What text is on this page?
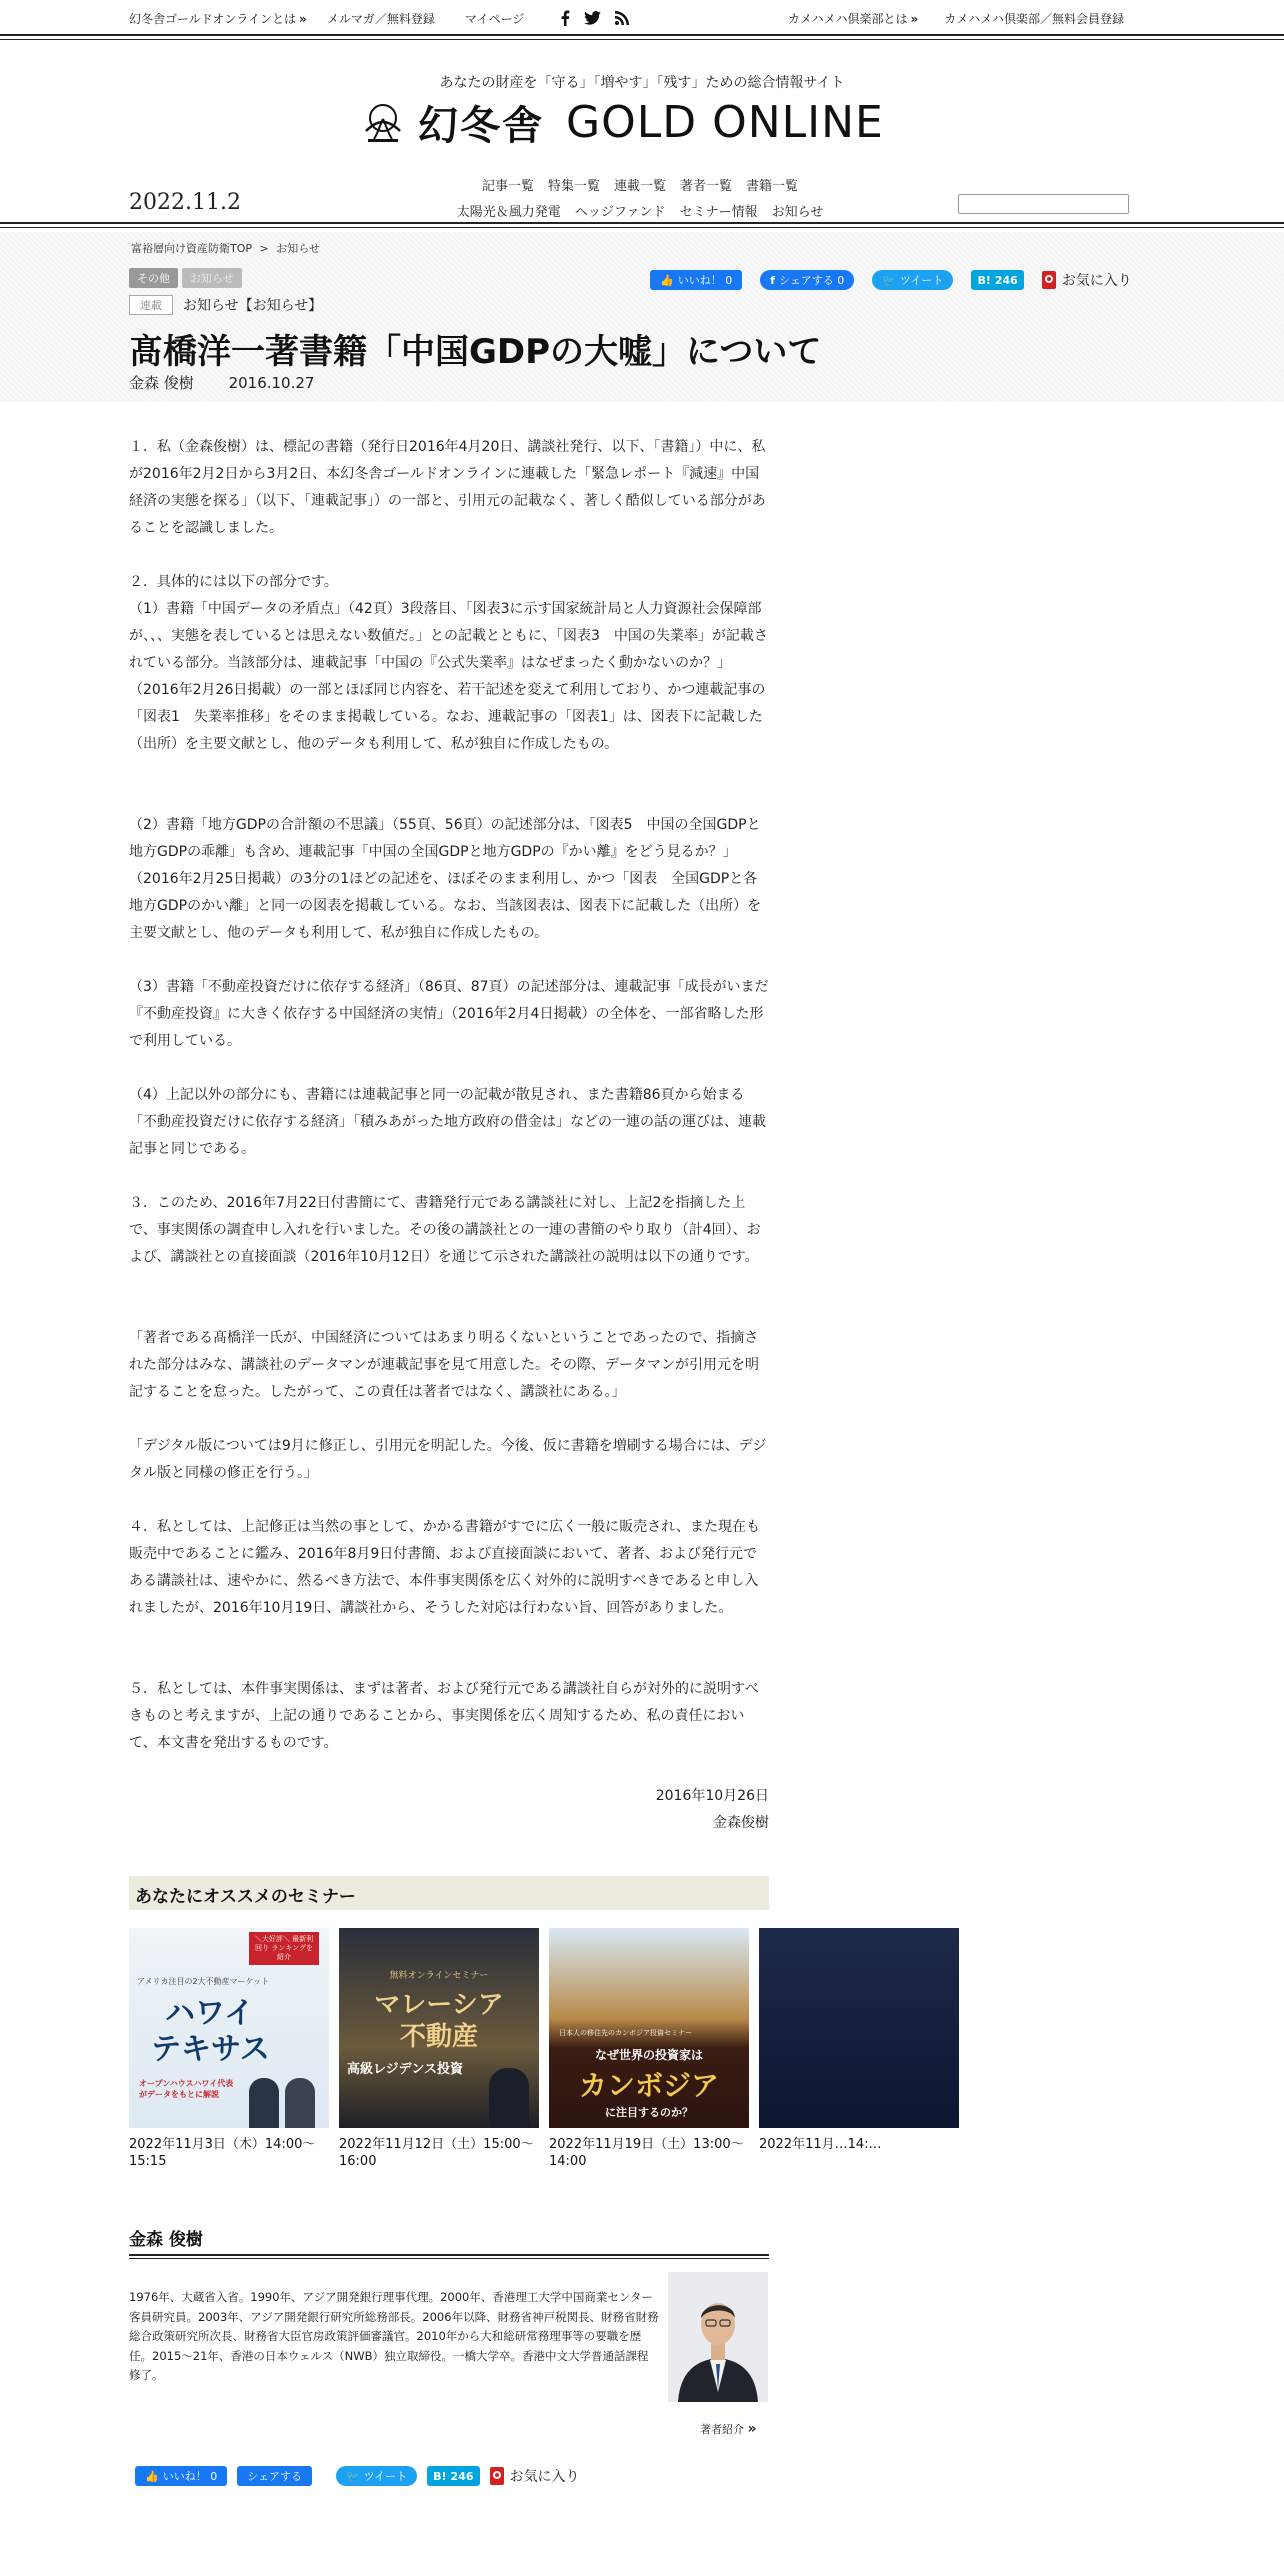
幻冬舎ゴールドオンラインとは » メルマガ／無料登録	マイページ	カメハメハ倶楽部とは » カメハメハ倶楽部／無料会員登録
あなたの財産を「守る」「増やす」「残す」ための総合情報サイト
幻冬舎 GOLD ONLINE
2022.11.2
記事一覧 特集一覧 連載一覧 著者一覧 書籍一覧
太陽光＆風力発電 ヘッジファンド セミナー情報 お知らせ
富裕層向け資産防衛TOP > お知らせ
その他	お知らせ
連載	お知らせ【お知らせ】
👍 いいね！ 0	f シェアする 0	🐦 ツイート	B! 246	お気に入り
髙橋洋一著書籍「中国GDPの大嘘」について
金森 俊樹 2016.10.27

１．私（金森俊樹）は、標記の書籍（発行日2016年4月20日、講談社発行、以下、「書籍」）中に、私が2016年2月2日から3月2日、本幻冬舎ゴールドオンラインに連載した「緊急レポート『減速』中国経済の実態を探る」（以下、「連載記事」）の一部と、引用元の記載なく、著しく酷似している部分があることを認識しました。

２．具体的には以下の部分です。
（1）書籍「中国データの矛盾点」（42頁）3段落目、「図表3に示す国家統計局と人力資源社会保障部が、、、実態を表しているとは思えない数値だ。」との記載とともに、「図表3　中国の失業率」が記載されている部分。当該部分は、連載記事「中国の『公式失業率』はなぜまったく動かないのか？」（2016年2月26日掲載）の一部とほぼ同じ内容を、若干記述を変えて利用しており、かつ連載記事の「図表1　失業率推移」をそのまま掲載している。なお、連載記事の「図表1」は、図表下に記載した（出所）を主要文献とし、他のデータも利用して、私が独自に作成したもの。

（2）書籍「地方GDPの合計額の不思議」（55頁、56頁）の記述部分は、「図表5　中国の全国GDPと地方GDPの乖離」も含め、連載記事「中国の全国GDPと地方GDPの『かい離』をどう見るか？」（2016年2月25日掲載）の3分の1ほどの記述を、ほぼそのまま利用し、かつ「図表　全国GDPと各地方GDPのかい離」と同一の図表を掲載している。なお、当該図表は、図表下に記載した（出所）を主要文献とし、他のデータも利用して、私が独自に作成したもの。

（3）書籍「不動産投資だけに依存する経済」（86頁、87頁）の記述部分は、連載記事「成長がいまだ『不動産投資』に大きく依存する中国経済の実情」（2016年2月4日掲載）の全体を、一部省略した形で利用している。

（4）上記以外の部分にも、書籍には連載記事と同一の記載が散見され、また書籍86頁から始まる「不動産投資だけに依存する経済」「積みあがった地方政府の借金は」などの一連の話の運びは、連載記事と同じである。

３．このため、2016年7月22日付書簡にて、書籍発行元である講談社に対し、上記2を指摘した上で、事実関係の調査申し入れを行いました。その後の講談社との一連の書簡のやり取り（計4回）、および、講談社との直接面談（2016年10月12日）を通じて示された講談社の説明は以下の通りです。

「著者である髙橋洋一氏が、中国経済についてはあまり明るくないということであったので、指摘された部分はみな、講談社のデータマンが連載記事を見て用意した。その際、データマンが引用元を明記することを怠った。したがって、この責任は著者ではなく、講談社にある。」

「デジタル版については9月に修正し、引用元を明記した。今後、仮に書籍を増刷する場合には、デジタル版と同様の修正を行う。」

４．私としては、上記修正は当然の事として、かかる書籍がすでに広く一般に販売され、また現在も販売中であることに鑑み、2016年8月9日付書簡、および直接面談において、著者、および発行元である講談社は、速やかに、然るべき方法で、本件事実関係を広く対外的に説明すべきであると申し入れましたが、2016年10月19日、講談社から、そうした対応は行わない旨、回答がありました。

５．私としては、本件事実関係は、まずは著者、および発行元である講談社自らが対外的に説明すべきものと考えますが、上記の通りであることから、事実関係を広く周知するため、私の責任において、本文書を発出するものです。

2016年10月26日
金森俊樹
あなたにオススメのセミナー
＼大好評＼ 最新利回り ランキングを紹介
アメリカ注目の2大不動産マーケット
ハワイ
テキサス
オープンハウスハワイ代表がデータをもとに解説
無料オンラインセミナー
マレーシア
不動産
高級レジデンス投資
日本人の移住先のカンボジア投資セミナー
なぜ世界の投資家は
カンボジア
に注目するのか？
2022年11月3日（木）14:00～15:15
2022年11月12日（土）15:00～16:00
2022年11月19日（土）13:00～14:00
2022年11月…14:…
金森 俊樹
1976年、大蔵省入省。1990年、アジア開発銀行理事代理。2000年、香港理工大学中国商業センター客員研究員。2003年、アジア開発銀行研究所総務部長。2006年以降、財務省神戸税関長、財務省財務総合政策研究所次長、財務省大臣官房政策評価審議官。2010年から大和総研常務理事等の要職を歴任。2015～21年、香港の日本ウェルス（NWB）独立取締役。一橋大学卒。香港中文大学普通話課程修了。
著者紹介 »
👍 いいね！ 0	シェアする	🐦 ツイート B! 246	お気に入り
